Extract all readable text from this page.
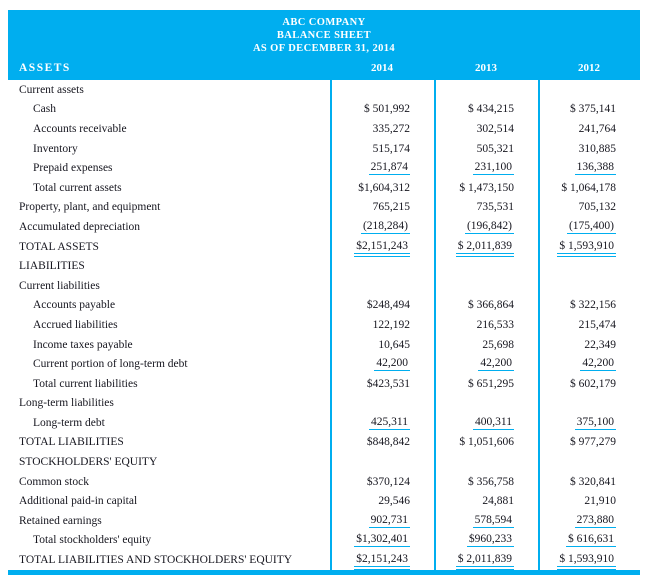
ABC COMPANY
BALANCE SHEET
AS OF DECEMBER 31, 2014
ASSETS	2014	2013	2012
Current assets
Cash	$ 501,992	$ 434,215	$ 375,141
Accounts receivable	335,272	302,514	241,764
Inventory	515,174	505,321	310,885
Prepaid expenses	251,874	231,100	136,388
Total current assets	$1,604,312	$ 1,473,150	$ 1,064,178
Property, plant, and equipment	765,215	735,531	705,132
Accumulated depreciation	(218,284)	(196,842)	(175,400)
TOTAL ASSETS	$2,151,243	$ 2,011,839	$ 1,593,910
LIABILITIES
Current liabilities
Accounts payable	$248,494	$ 366,864	$ 322,156
Accrued liabilities	122,192	216,533	215,474
Income taxes payable	10,645	25,698	22,349
Current portion of long-term debt	42,200	42,200	42,200
Total current liabilities	$423,531	$ 651,295	$ 602,179
Long-term liabilities
Long-term debt	425,311	400,311	375,100
TOTAL LIABILITIES	$848,842	$ 1,051,606	$ 977,279
STOCKHOLDERS' EQUITY
Common stock	$370,124	$ 356,758	$ 320,841
Additional paid-in capital	29,546	24,881	21,910
Retained earnings	902,731	578,594	273,880
Total stockholders' equity	$1,302,401	$960,233	$ 616,631
TOTAL LIABILITIES AND STOCKHOLDERS' EQUITY	$2,151,243	$ 2,011,839	$ 1,593,910
